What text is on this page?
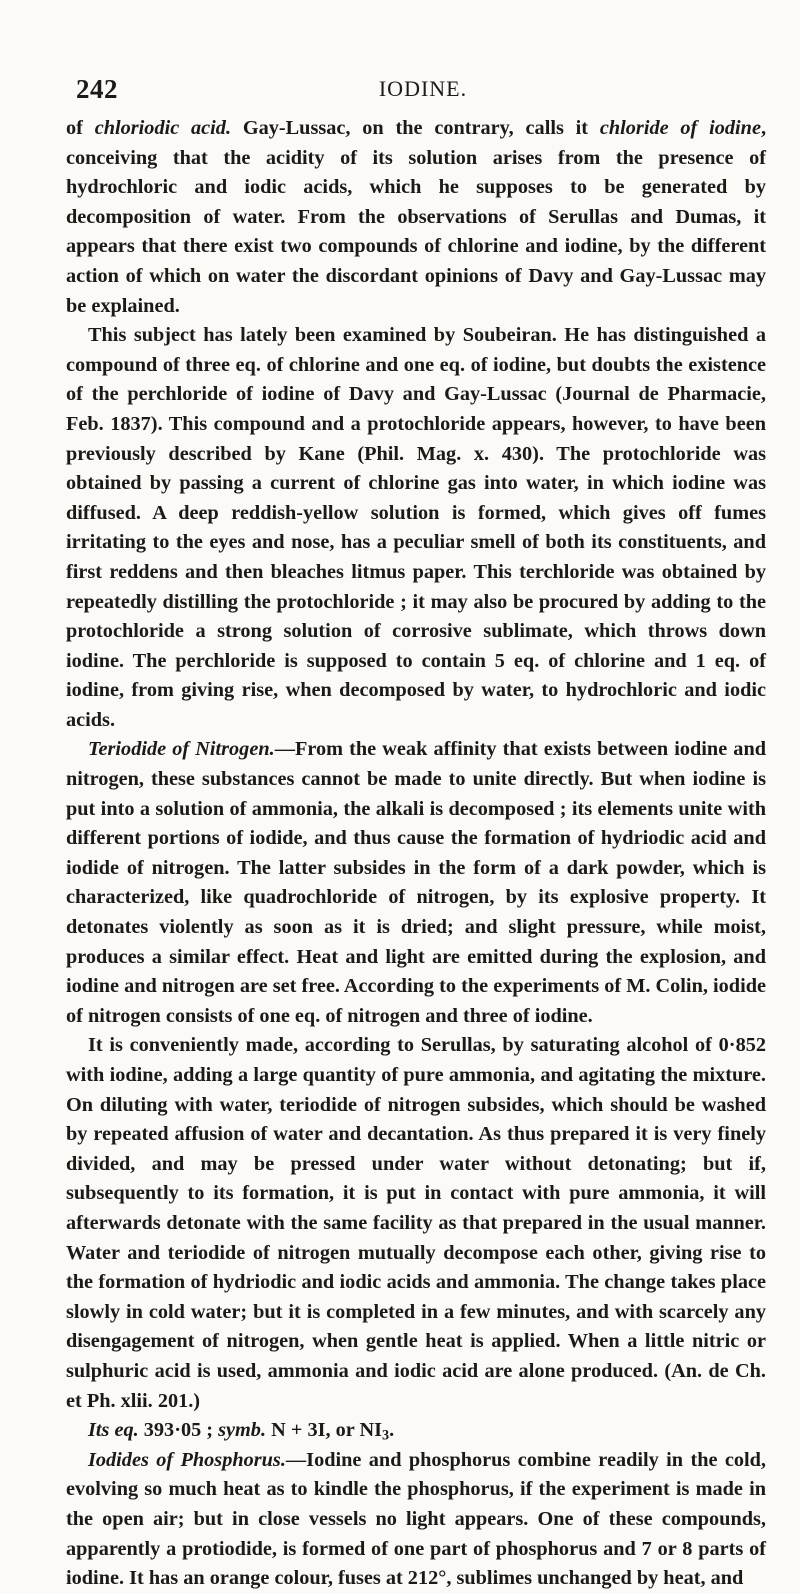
242	IODINE.

of chloriodic acid. Gay-Lussac, on the contrary, calls it chloride of iodine, conceiving that the acidity of its solution arises from the presence of hydrochloric and iodic acids, which he supposes to be generated by decomposition of water. From the observations of Serullas and Dumas, it appears that there exist two compounds of chlorine and iodine, by the different action of which on water the discordant opinions of Davy and Gay-Lussac may be explained.

This subject has lately been examined by Soubeiran. He has distinguished a compound of three eq. of chlorine and one eq. of iodine, but doubts the existence of the perchloride of iodine of Davy and Gay-Lussac (Journal de Pharmacie, Feb. 1837). This compound and a protochloride appears, however, to have been previously described by Kane (Phil. Mag. x. 430). The protochloride was obtained by passing a current of chlorine gas into water, in which iodine was diffused. A deep reddish-yellow solution is formed, which gives off fumes irritating to the eyes and nose, has a peculiar smell of both its constituents, and first reddens and then bleaches litmus paper. This terchloride was obtained by repeatedly distilling the protochloride ; it may also be procured by adding to the protochloride a strong solution of corrosive sublimate, which throws down iodine. The perchloride is supposed to contain 5 eq. of chlorine and 1 eq. of iodine, from giving rise, when decomposed by water, to hydrochloric and iodic acids.

Teriodide of Nitrogen.—From the weak affinity that exists between iodine and nitrogen, these substances cannot be made to unite directly. But when iodine is put into a solution of ammonia, the alkali is decomposed ; its elements unite with different portions of iodide, and thus cause the formation of hydriodic acid and iodide of nitrogen. The latter subsides in the form of a dark powder, which is characterized, like quadrochloride of nitrogen, by its explosive property. It detonates violently as soon as it is dried; and slight pressure, while moist, produces a similar effect. Heat and light are emitted during the explosion, and iodine and nitrogen are set free. According to the experiments of M. Colin, iodide of nitrogen consists of one eq. of nitrogen and three of iodine.

It is conveniently made, according to Serullas, by saturating alcohol of 0·852 with iodine, adding a large quantity of pure ammonia, and agitating the mixture. On diluting with water, teriodide of nitrogen subsides, which should be washed by repeated affusion of water and decantation. As thus prepared it is very finely divided, and may be pressed under water without detonating; but if, subsequently to its formation, it is put in contact with pure ammonia, it will afterwards detonate with the same facility as that prepared in the usual manner. Water and teriodide of nitrogen mutually decompose each other, giving rise to the formation of hydriodic and iodic acids and ammonia. The change takes place slowly in cold water; but it is completed in a few minutes, and with scarcely any disengagement of nitrogen, when gentle heat is applied. When a little nitric or sulphuric acid is used, ammonia and iodic acid are alone produced. (An. de Ch. et Ph. xlii. 201.)

Its eq. 393·05 ; symb. N + 3I, or $NI_3$.

Iodides of Phosphorus.—Iodine and phosphorus combine readily in the cold, evolving so much heat as to kindle the phosphorus, if the experiment is made in the open air; but in close vessels no light appears. One of these compounds, apparently a protiodide, is formed of one part of phosphorus and 7 or 8 parts of iodine. It has an orange colour, fuses at 212°, sublimes unchanged by heat, and
